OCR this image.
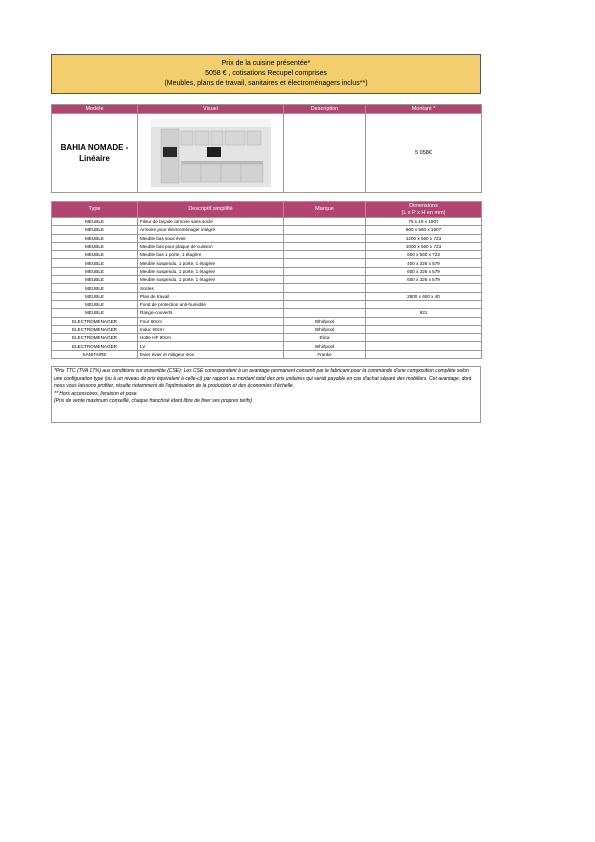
Prix de la cuisine présentée*
5058 € , cotisations Recupel comprises
(Meubles, plans de travail, sanitaires et électroménagers inclus**)
Modèle	Visuel	Description	Montant *
BAHIA NOMADE - Linéaire			5 058€
Type	Descriptif simplifié	Marque	Dimensions
(L x P x H en mm)

MEUBLE	Fileur de façade armoire sans socle		75 x 19 x 1907
MEUBLE	Armoire pour électroménager intégré		600 x 560 x 1907
MEUBLE	Meuble bas sous évier		1200 x 560 x 723
MEUBLE	Meuble bas pour plaque de cuisson		1000 x 560 x 723
MEUBLE	Meuble bas 1 porte, 1 étagère		600 x 560 x 723
MEUBLE	Meuble suspendu, 1 porte, 1 étagère		400 x 326 x 579
MEUBLE	Meuble suspendu, 1 porte, 1 étagère		600 x 326 x 579
MEUBLE	Meuble suspendu, 1 porte, 1 étagère		600 x 326 x 579
MEUBLE	Socles		
MEUBLE	Plan de travail		2800 x 600 x 40
MEUBLE	Fond de protection anti-humidité		
MEUBLE	Range-couverts		921
ELECTROMENAGER	Four 60cm	Whirlpool	
ELECTROMENAGER	Induc 60cm	Whirlpool	
ELECTROMENAGER	Hotte HF 90cm	Elica	
ELECTROMENAGER	LV	Whirlpool	
SANITAIRE	Evier évier et mitigeur inox	Franke	
*Prix TTC (TVA 17%) aux conditions sur ensemble (CSE): Les CSE correspondent à un avantage permanent consenti par le fabricant pour la commande d'une composition complète selon une configuration type (ou à un niveau de prix équivalent à celle-ci) par rapport au montant total des prix unitaires qui serait payable en cas d'achat séparé des mobiliers. Cet avantage, dont nous vous laissons profiter, résulte notamment de l'optimisation de la production et des économies d'échelle.
** Hors accessoires, livraison et pose.
(Prix de vente maximum conseillé, chaque franchisé étant libre de fixer ses propres tarifs)
